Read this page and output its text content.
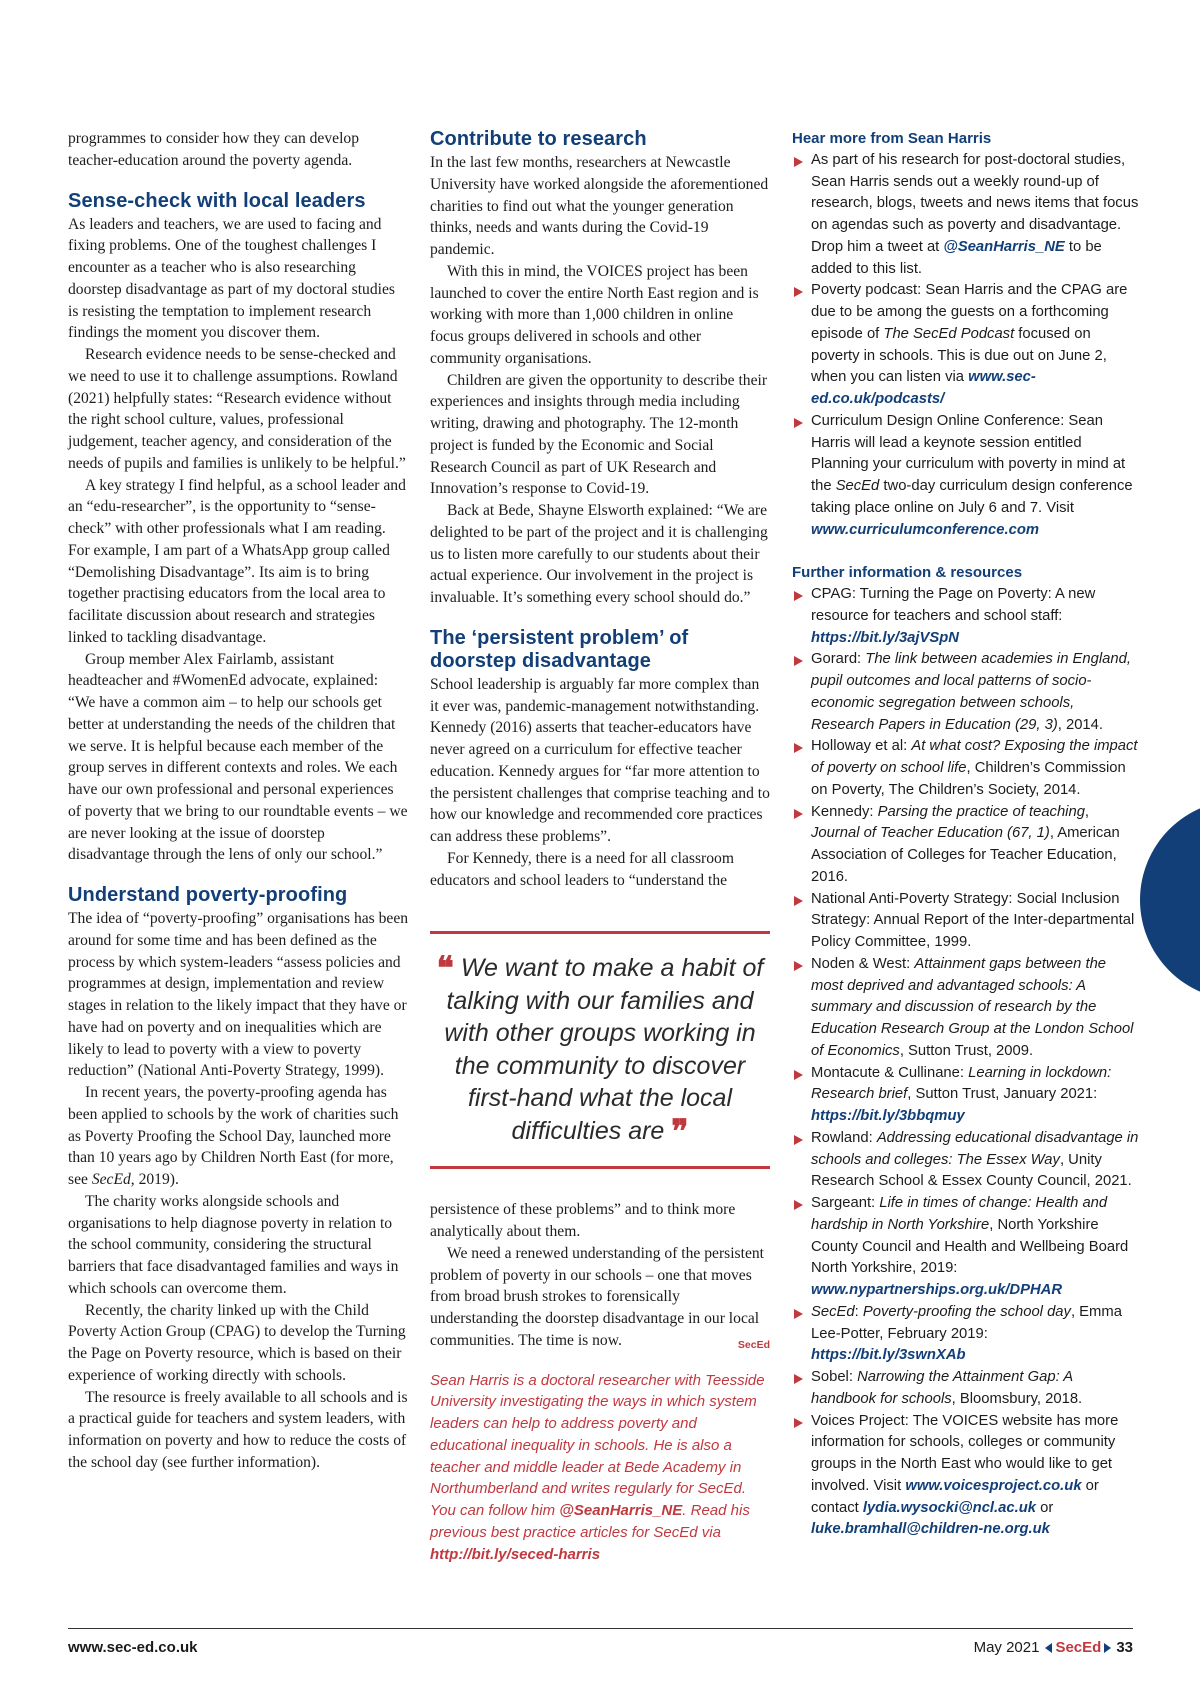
programmes to consider how they can develop teacher-education around the poverty agenda.

Sense-check with local leaders

As leaders and teachers, we are used to facing and fixing problems. One of the toughest challenges I encounter as a teacher who is also researching doorstep disadvantage as part of my doctoral studies is resisting the temptation to implement research findings the moment you discover them.

Research evidence needs to be sense-checked and we need to use it to challenge assumptions. Rowland (2021) helpfully states: “Research evidence without the right school culture, values, professional judgement, teacher agency, and consideration of the needs of pupils and families is unlikely to be helpful.”

A key strategy I find helpful, as a school leader and an “edu-researcher”, is the opportunity to “sense-check” with other professionals what I am reading. For example, I am part of a WhatsApp group called “Demolishing Disadvantage”. Its aim is to bring together practising educators from the local area to facilitate discussion about research and strategies linked to tackling disadvantage.

Group member Alex Fairlamb, assistant headteacher and #WomenEd advocate, explained: “We have a common aim – to help our schools get better at understanding the needs of the children that we serve. It is helpful because each member of the group serves in different contexts and roles. We each have our own professional and personal experiences of poverty that we bring to our roundtable events – we are never looking at the issue of doorstep disadvantage through the lens of only our school.”

Understand poverty-proofing

The idea of “poverty-proofing” organisations has been around for some time and has been defined as the process by which system-leaders “assess policies and programmes at design, implementation and review stages in relation to the likely impact that they have or have had on poverty and on inequalities which are likely to lead to poverty with a view to poverty reduction” (National Anti-Poverty Strategy, 1999).

In recent years, the poverty-proofing agenda has been applied to schools by the work of charities such as Poverty Proofing the School Day, launched more than 10 years ago by Children North East (for more, see SecEd, 2019).

The charity works alongside schools and organisations to help diagnose poverty in relation to the school community, considering the structural barriers that face disadvantaged families and ways in which schools can overcome them.

Recently, the charity linked up with the Child Poverty Action Group (CPAG) to develop the Turning the Page on Poverty resource, which is based on their experience of working directly with schools.

The resource is freely available to all schools and is a practical guide for teachers and system leaders, with information on poverty and how to reduce the costs of the school day (see further information).

Contribute to research

In the last few months, researchers at Newcastle University have worked alongside the aforementioned charities to find out what the younger generation thinks, needs and wants during the Covid-19 pandemic.

With this in mind, the VOICES project has been launched to cover the entire North East region and is working with more than 1,000 children in online focus groups delivered in schools and other community organisations.

Children are given the opportunity to describe their experiences and insights through media including writing, drawing and photography. The 12-month project is funded by the Economic and Social Research Council as part of UK Research and Innovation’s response to Covid-19.

Back at Bede, Shayne Elsworth explained: “We are delighted to be part of the project and it is challenging us to listen more carefully to our students about their actual experience. Our involvement in the project is invaluable. It’s something every school should do.”

The ‘persistent problem’ of doorstep disadvantage

School leadership is arguably far more complex than it ever was, pandemic-management notwithstanding. Kennedy (2016) asserts that teacher-educators have never agreed on a curriculum for effective teacher education. Kennedy argues for “far more attention to the persistent challenges that comprise teaching and to how our knowledge and recommended core practices can address these problems”.

For Kennedy, there is a need for all classroom educators and school leaders to “understand the

❝ We want to make a habit of talking with our families and with other groups working in the community to discover first-hand what the local difficulties are ❞

persistence of these problems” and to think more analytically about them.

We need a renewed understanding of the persistent problem of poverty in our schools – one that moves from broad brush strokes to forensically understanding the doorstep disadvantage in our local communities. The time is now.	SecEd

Sean Harris is a doctoral researcher with Teesside University investigating the ways in which system leaders can help to address poverty and educational inequality in schools. He is also a teacher and middle leader at Bede Academy in Northumberland and writes regularly for SecEd. You can follow him @SeanHarris_NE. Read his previous best practice articles for SecEd via http://bit.ly/seced-harris
Hear more from Sean Harris
As part of his research for post-doctoral studies, Sean Harris sends out a weekly round-up of research, blogs, tweets and news items that focus on agendas such as poverty and disadvantage. Drop him a tweet at @SeanHarris_NE to be added to this list.
Poverty podcast: Sean Harris and the CPAG are due to be among the guests on a forthcoming episode of The SecEd Podcast focused on poverty in schools. This is due out on June 2, when you can listen via www.sec-ed.co.uk/podcasts/
Curriculum Design Online Conference: Sean Harris will lead a keynote session entitled Planning your curriculum with poverty in mind at the SecEd two-day curriculum design conference taking place online on July 6 and 7. Visit www.curriculumconference.com
Further information & resources
CPAG: Turning the Page on Poverty: A new resource for teachers and school staff: https://bit.ly/3ajVSpN
Gorard: The link between academies in England, pupil outcomes and local patterns of socio-economic segregation between schools, Research Papers in Education (29, 3), 2014.
Holloway et al: At what cost? Exposing the impact of poverty on school life, Children’s Commission on Poverty, The Children’s Society, 2014.
Kennedy: Parsing the practice of teaching, Journal of Teacher Education (67, 1), American Association of Colleges for Teacher Education, 2016.
National Anti-Poverty Strategy: Social Inclusion Strategy: Annual Report of the Inter-departmental Policy Committee, 1999.
Noden & West: Attainment gaps between the most deprived and advantaged schools: A summary and discussion of research by the Education Research Group at the London School of Economics, Sutton Trust, 2009.
Montacute & Cullinane: Learning in lockdown: Research brief, Sutton Trust, January 2021: https://bit.ly/3bbqmuy
Rowland: Addressing educational disadvantage in schools and colleges: The Essex Way, Unity Research School & Essex County Council, 2021.
Sargeant: Life in times of change: Health and hardship in North Yorkshire, North Yorkshire County Council and Health and Wellbeing Board North Yorkshire, 2019: www.nypartnerships.org.uk/DPHAR
SecEd: Poverty-proofing the school day, Emma Lee-Potter, February 2019: https://bit.ly/3swnXAb
Sobel: Narrowing the Attainment Gap: A handbook for schools, Bloomsbury, 2018.
Voices Project: The VOICES website has more information for schools, colleges or community groups in the North East who would like to get involved. Visit www.voicesproject.co.uk or contact lydia.wysocki@ncl.ac.uk or luke.bramhall@children-ne.org.uk
www.sec-ed.co.uk	May 2021 SecEd 33
